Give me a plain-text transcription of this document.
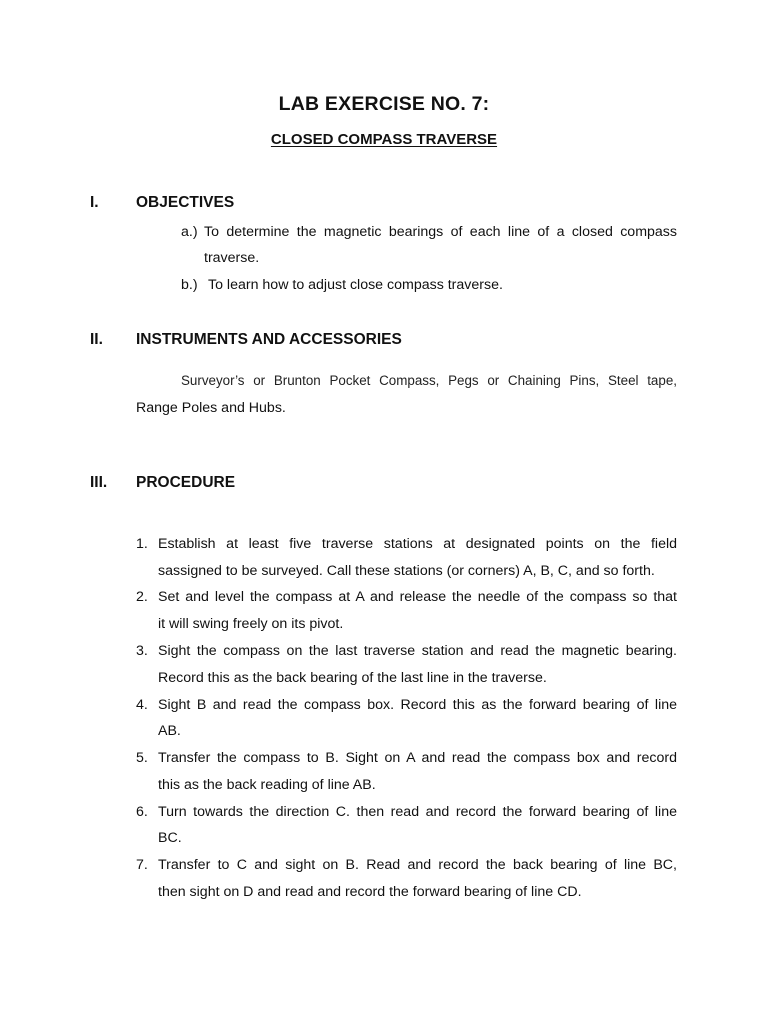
LAB EXERCISE NO. 7:
CLOSED COMPASS TRAVERSE
I. OBJECTIVES
a.) To determine the magnetic bearings of each line of a closed compass
traverse.
b.) To learn how to adjust close compass traverse.
II. INSTRUMENTS AND ACCESSORIES
Surveyor’s or Brunton Pocket Compass, Pegs or Chaining Pins, Steel tape,
Range Poles and Hubs.
III. PROCEDURE
1. Establish at least five traverse stations at designated points on the field
sassigned to be surveyed. Call these stations (or corners) A, B, C, and so forth.
2. Set and level the compass at A and release the needle of the compass so that
it will swing freely on its pivot.
3. Sight the compass on the last traverse station and read the magnetic bearing.
Record this as the back bearing of the last line in the traverse.
4. Sight B and read the compass box. Record this as the forward bearing of line
AB.
5. Transfer the compass to B. Sight on A and read the compass box and record
this as the back reading of line AB.
6. Turn towards the direction C. then read and record the forward bearing of line
BC.
7. Transfer to C and sight on B. Read and record the back bearing of line BC,
then sight on D and read and record the forward bearing of line CD.
